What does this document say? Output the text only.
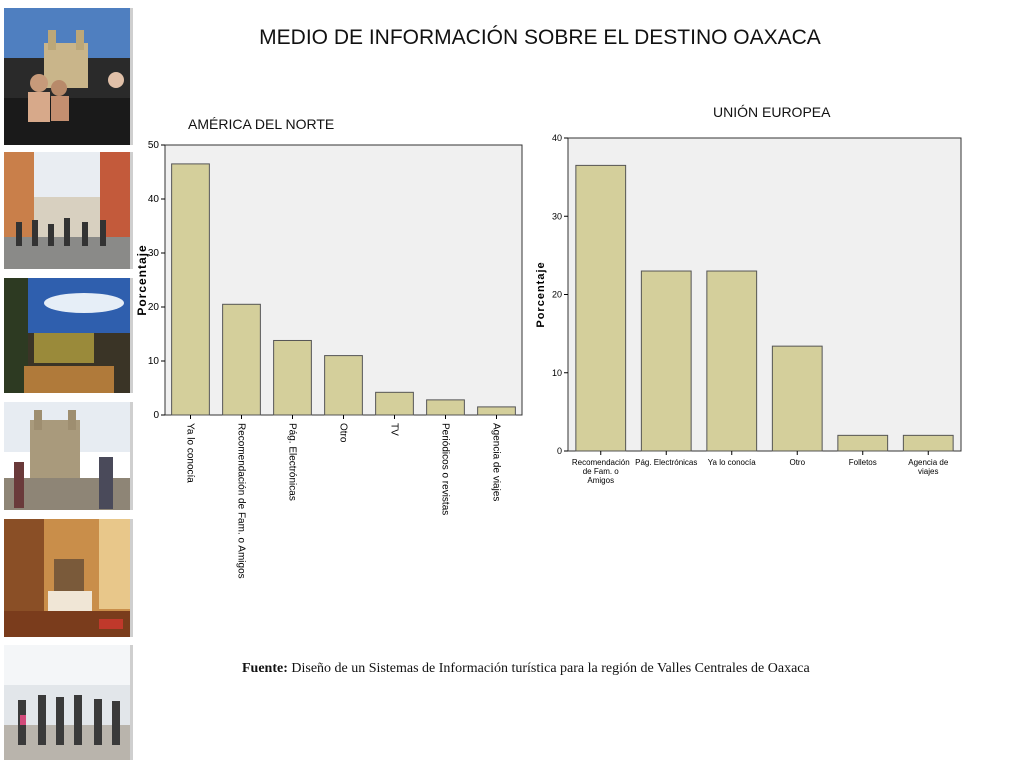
MEDIO DE INFORMACIÓN SOBRE EL DESTINO OAXACA
AMÉRICA DEL NORTE
UNIÓN EUROPEA
0
10
20
30
40
50
Porcentaje
Ya lo conocía	Recomendación de Fam. o Amigos	Pág. Electrónicas	Otro	TV	Periódicos o revistas	Agencia de viajes	0
10
20
30
40
Porcentaje
Recomendación de Fam. o Amigos
Pág. Electrónicas Ya lo conocía	Otro	Folletos	Agencia de viajes
Fuente: Diseño de un Sistemas de Información turística para la región de Valles Centrales de Oaxaca
